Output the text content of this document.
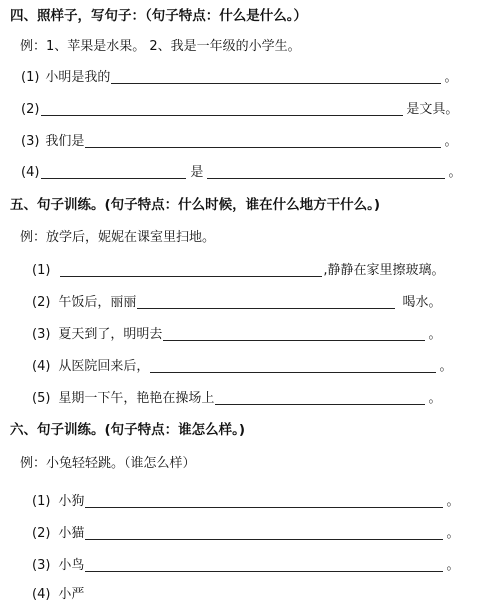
四、照样子，写句子：（句子特点：什么是什么。）
例：1、苹果是水果。 2、我是一年级的小学生。
(1) 小明是我的	。
(2)	是文具。
(3) 我们是	。
(4)	是	。
五、句子训练。(句子特点：什么时候，谁在什么地方干什么。)
例：放学后，妮妮在课室里扫地。
(1)	,静静在家里擦玻璃。
(2) 午饭后，丽丽	喝水。
(3) 夏天到了，明明去	。
(4) 从医院回来后，	。
(5) 星期一下午，艳艳在操场上	。
六、句子训练。(句子特点：谁怎么样。)
例：小兔轻轻跳。（谁怎么样）
(1) 小狗	。
(2) 小猫	。
(3) 小鸟	。
(4) 小严
